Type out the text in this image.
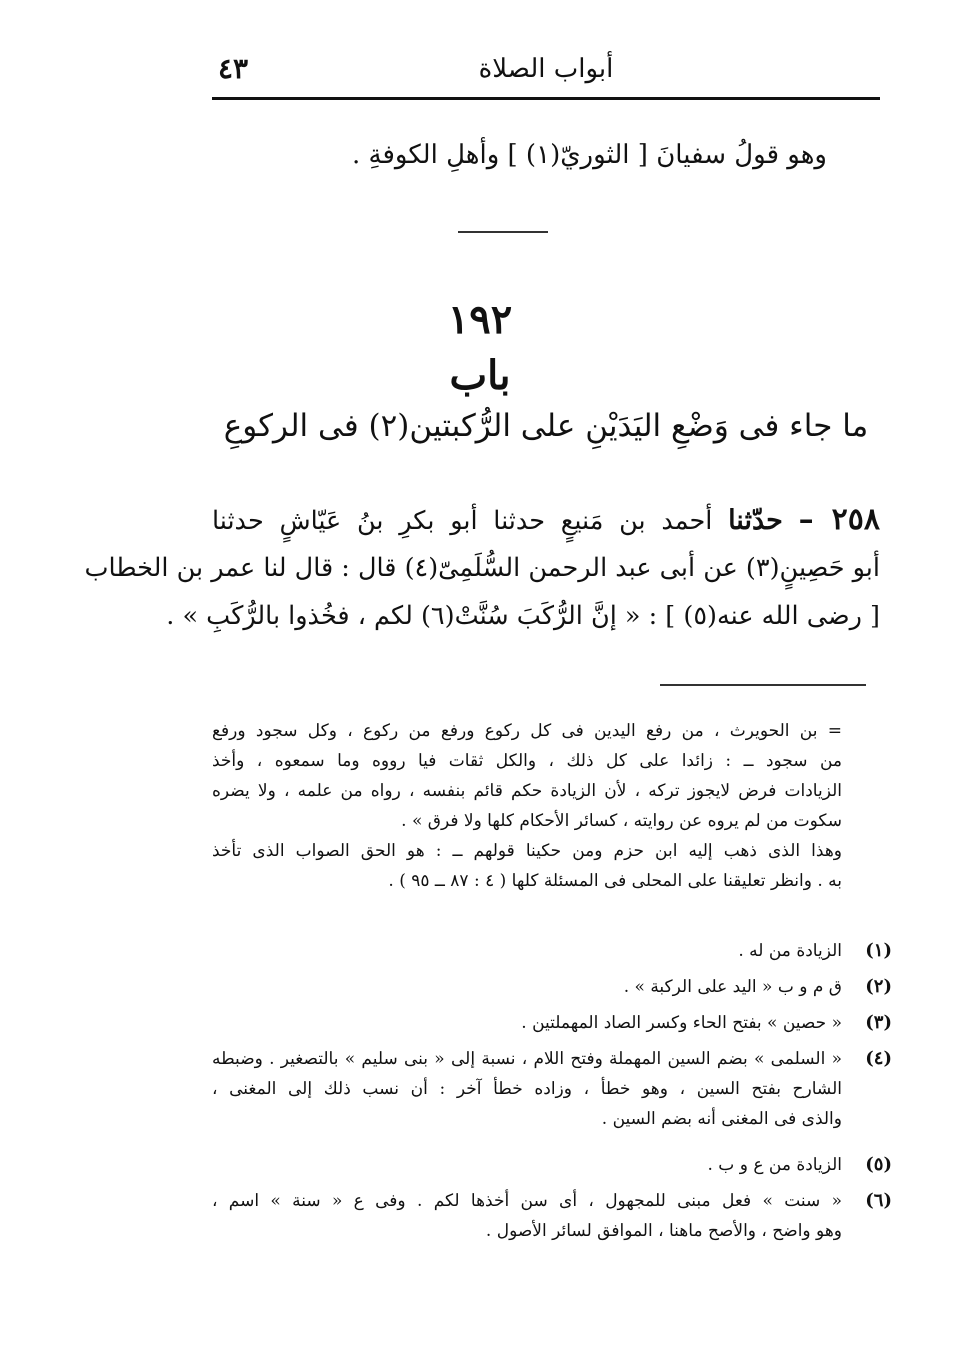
أبواب الصلاة
٤٣
وهو قولُ سفيانَ [ الثوريّ(١) ] وأهلِ الكوفةِ .
١٩٢
باب
ما جاء فى وَضْعِ اليَدَيْنِ على الرُّكبتين(٢) فى الركوعِ
٢٥٨ – حدّثنا أحمد بن مَنيعٍ حدثنا أبو بكرِ بنُ عَيّاشٍ حدثنا
أبو حَصِينٍ(٣) عن أبى عبد الرحمن السُّلَمِىّ(٤) قال : قال لنا عمر بن الخطاب
[ رضى الله عنه(٥) ] : « إنَّ الرُّكَبَ سُنَّتْ(٦) لكم ، فخُذوا بالرُّكَبِ » .
= بن الحويرث ، من رفع اليدين فى كل ركوع ورفع من ركوع ، وكل سجود ورفع
من سجود ــ : زائدا على كل ذلك ، والكل ثقات فيا رووه وما سمعوه ، وأخذ
الزيادات فرض لايجوز تركه ، لأن الزيادة حكم قائم بنفسه ، رواه من علمه ، ولا يضره
سكوت من لم يروه عن روايته ، كسائر الأحكام كلها ولا فرق » .
وهذا الذى ذهب إليه ابن حزم ومن حكينا قولهم ــ : هو الحق الصواب الذى تأخذ
به . وانظر تعليقنا على المحلى فى المسئلة كلها ( ٤ : ٨٧ ــ ٩٥ ) .
(١)
الزيادة من له .
(٢)
ق م و ب « اليد على الركبة » .
(٣)
« حصين » بفتح الحاء وكسر الصاد المهملتين .
(٤)
« السلمى » بضم السين المهملة وفتح اللام ، نسبة إلى « بنى سليم » بالتصغير . وضبطه
الشارح بفتح السين ، وهو خطأ ، وزاده خطأ آخر : أن نسب ذلك إلى المغنى ،
والذى فى المغنى أنه بضم السين .
(٥)
الزيادة من ع و ب .
(٦)
« سنت » فعل مبنى للمجهول ، أى سن أخذها لكم . وفى ع « سنة » اسم ،
وهو واضح ، والأصح ماهنا ، الموافق لسائر الأصول .
